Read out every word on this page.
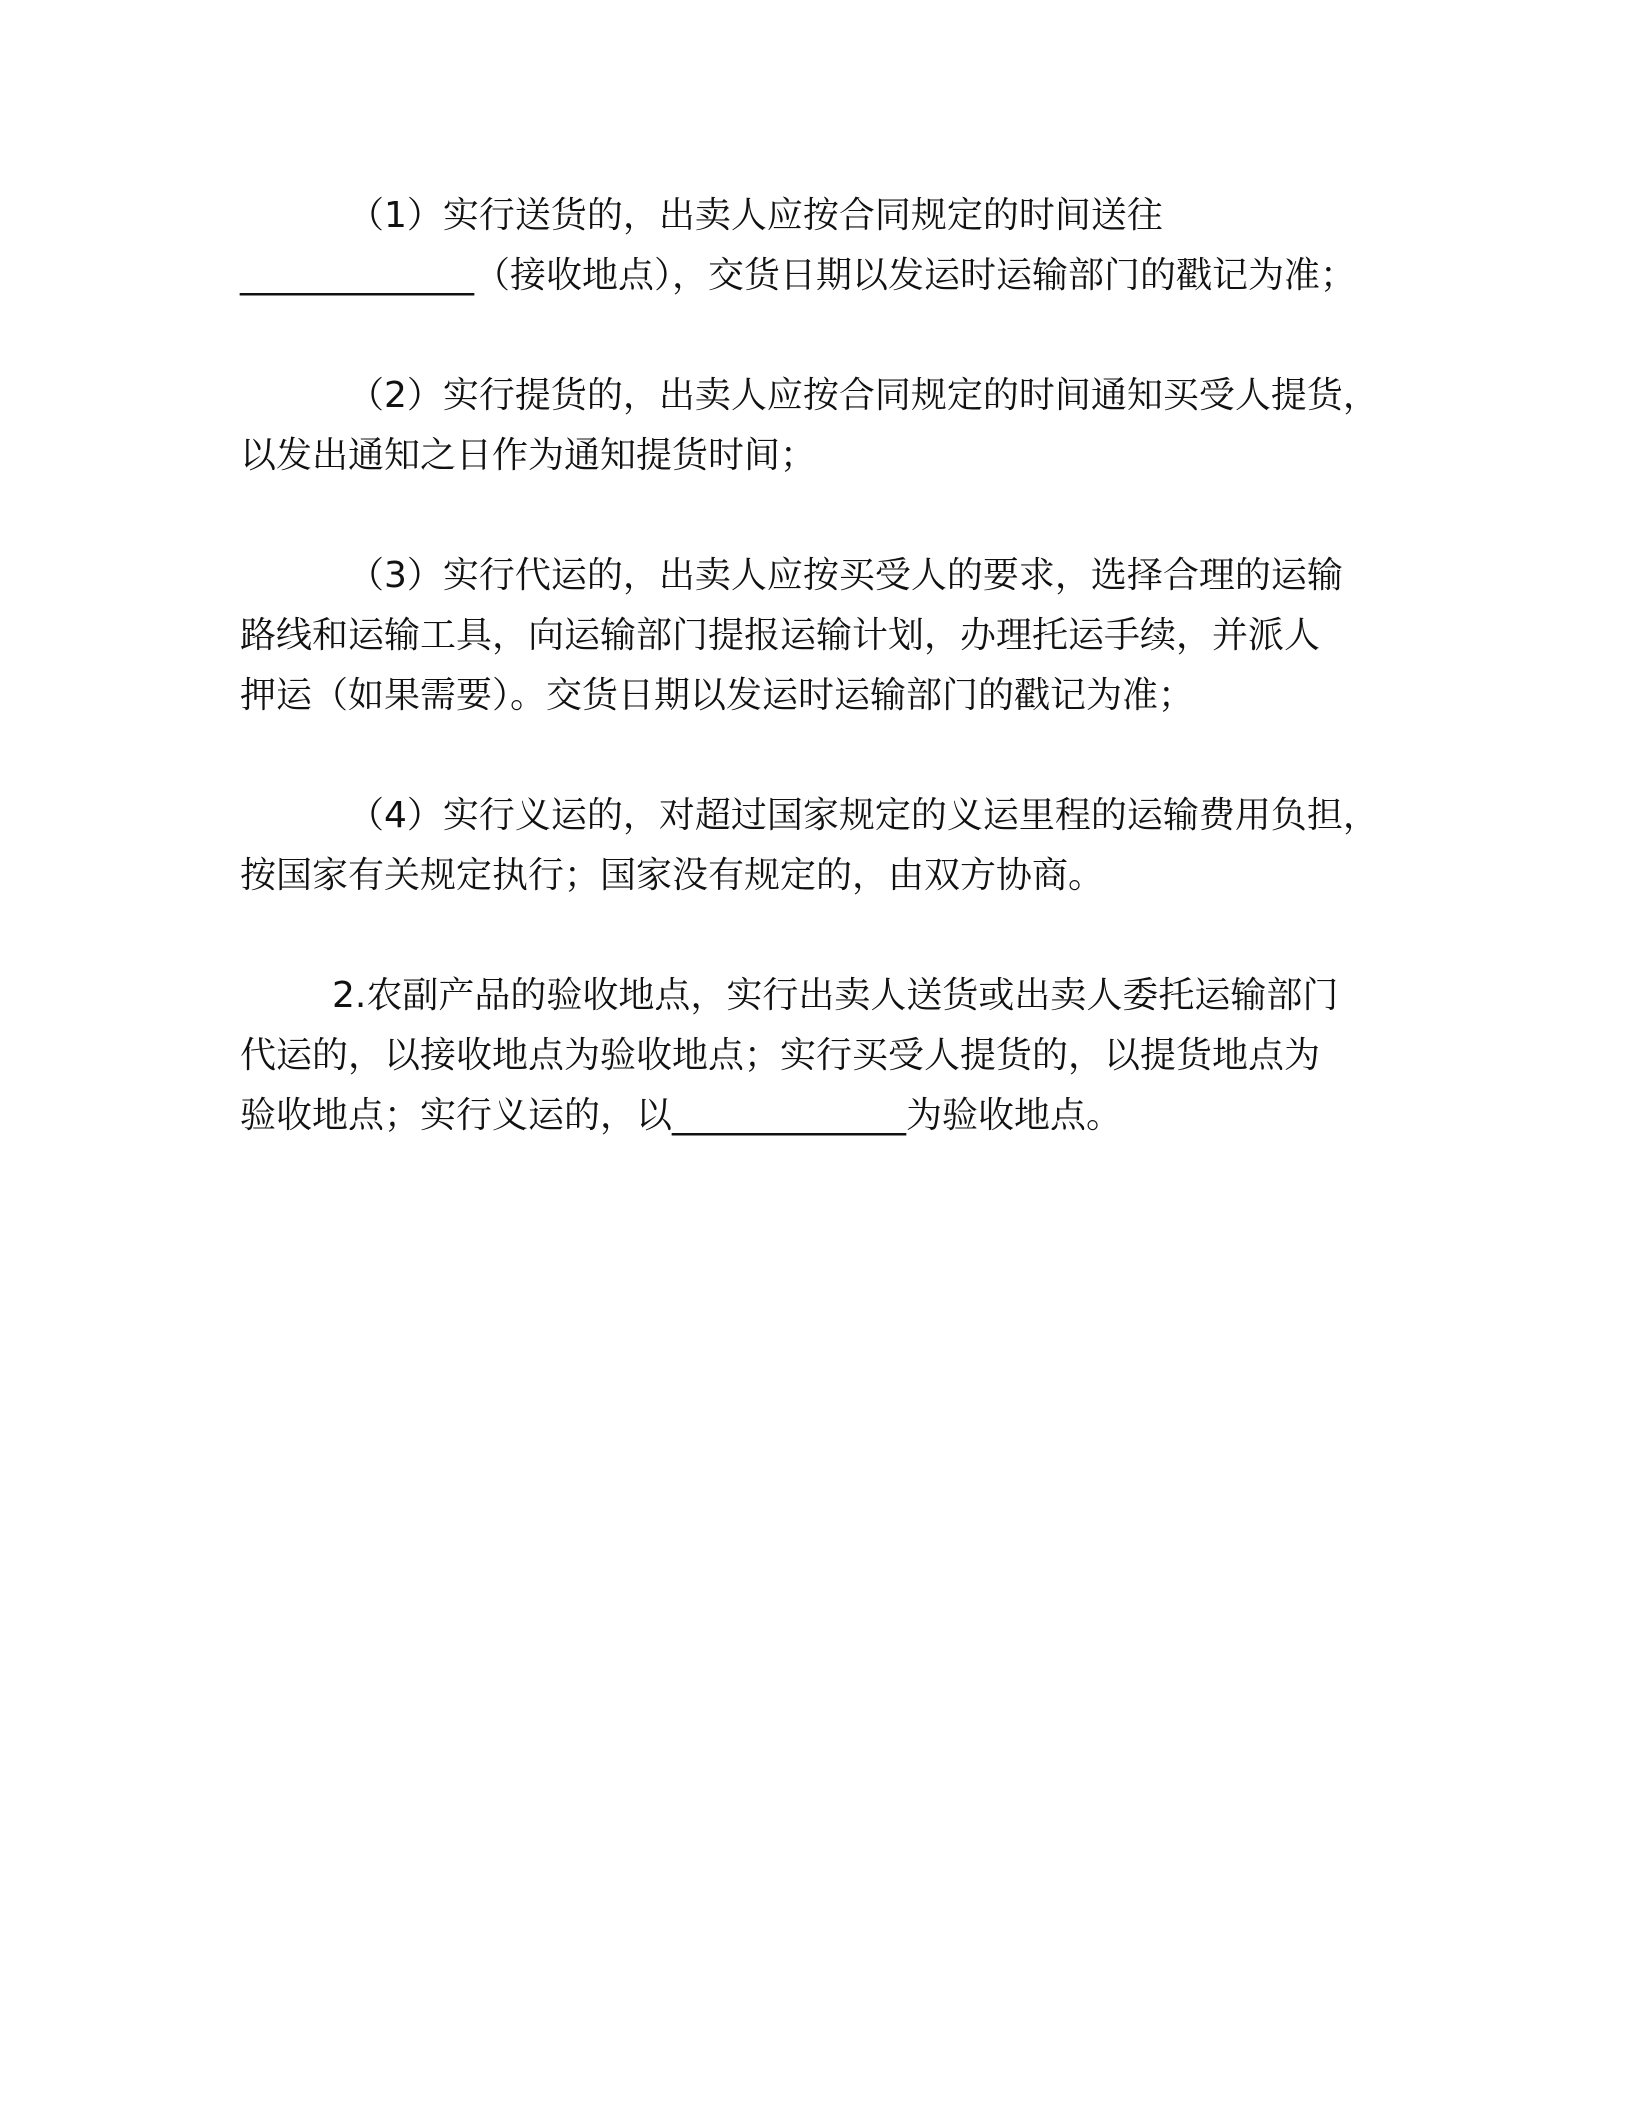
（1）实行送货的，出卖人应按合同规定的时间送往
_____________（接收地点），交货日期以发运时运输部门的戳记为准；

（2）实行提货的，出卖人应按合同规定的时间通知买受人提货，
以发出通知之日作为通知提货时间；

（3）实行代运的，出卖人应按买受人的要求，选择合理的运输
路线和运输工具，向运输部门提报运输计划，办理托运手续，并派人
押运（如果需要）。交货日期以发运时运输部门的戳记为准；

（4）实行义运的，对超过国家规定的义运里程的运输费用负担，
按国家有关规定执行；国家没有规定的，由双方协商。

2.农副产品的验收地点，实行出卖人送货或出卖人委托运输部门
代运的，以接收地点为验收地点；实行买受人提货的，以提货地点为
验收地点；实行义运的，以_____________为验收地点。
